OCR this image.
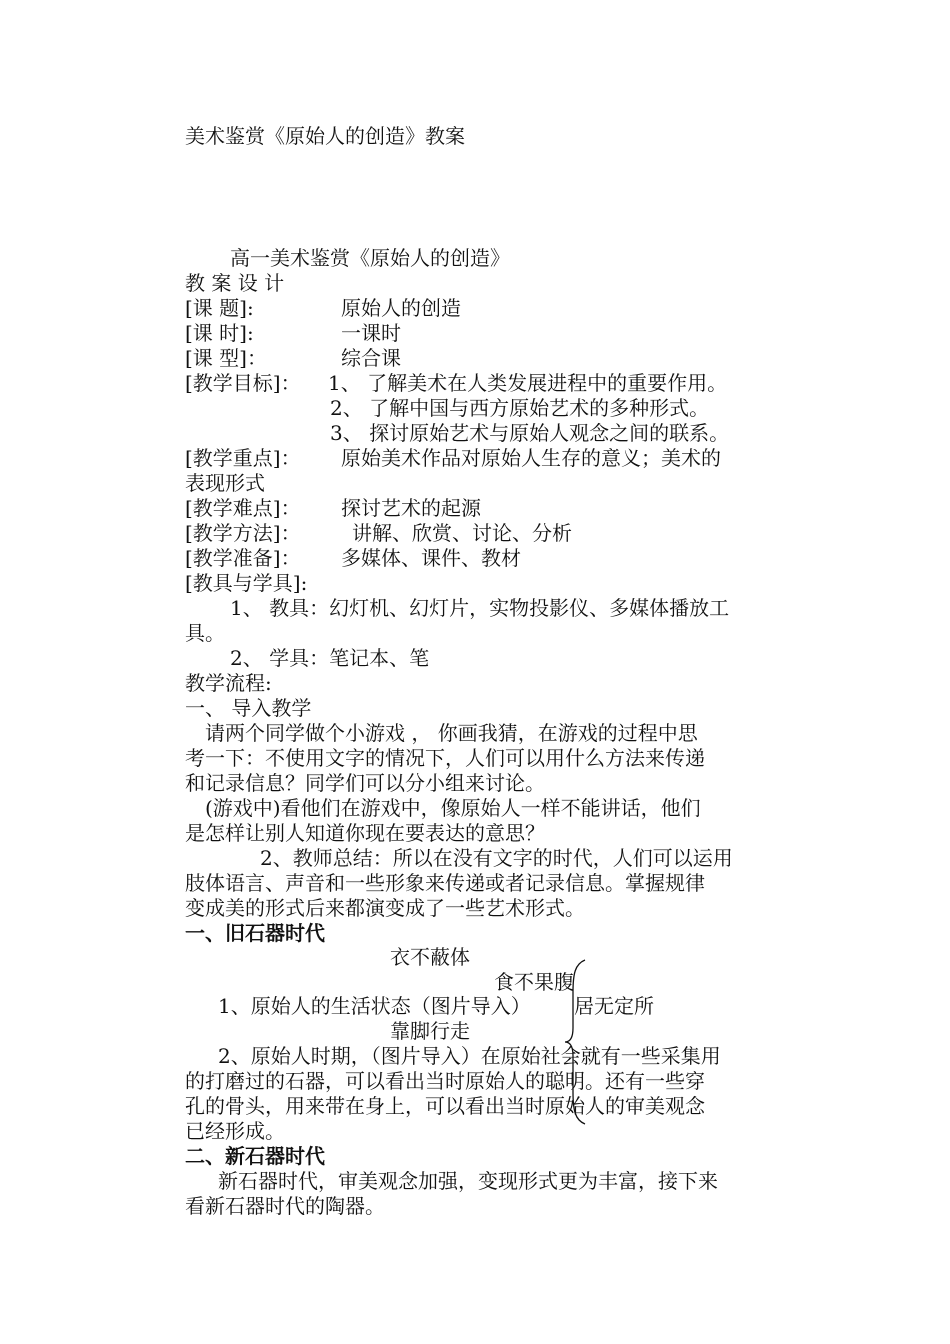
美术鉴赏《原始人的创造》教案
高一美术鉴赏《原始人的创造》
教 案 设 计
[课 题]:	原始人的创造
[课 时]:	一课时
[课 型]：	综合课
[教学目标]： 1、 了解美术在人类发展进程中的重要作用。
2、 了解中国与西方原始艺术的多种形式。
3、 探讨原始艺术与原始人观念之间的联系。
[教学重点]： 原始美术作品对原始人生存的意义；美术的
表现形式
[教学难点]： 探讨艺术的起源
[教学方法]：	讲解、欣赏、讨论、分析
[教学准备]： 多媒体、课件、教材
[教具与学具]:
1、 教具：幻灯机、幻灯片，实物投影仪、多媒体播放工
具。
2、 学具：笔记本、笔
教学流程:
一、 导入教学
请两个同学做个小游戏 ， 你画我猜，在游戏的过程中思
考一下：不使用文字的情况下，人们可以用什么方法来传递
和记录信息？同学们可以分小组来讨论。
(游戏中)看他们在游戏中，像原始人一样不能讲话，他们
是怎样让别人知道你现在要表达的意思？
2、教师总结：所以在没有文字的时代，人们可以运用
肢体语言、声音和一些形象来传递或者记录信息。掌握规律
变成美的形式后来都演变成了一些艺术形式。
一、旧石器时代
衣不蔽体
食不果腹
1、原始人的生活状态（图片导入） 居无定所
靠脚行走
2、原始人时期，（图片导入）在原始社会就有一些采集用
的打磨过的石器，可以看出当时原始人的聪明。还有一些穿
孔的骨头，用来带在身上，可以看出当时原始人的审美观念
已经形成。
二、新石器时代
新石器时代，审美观念加强，变现形式更为丰富，接下来
看新石器时代的陶器。
